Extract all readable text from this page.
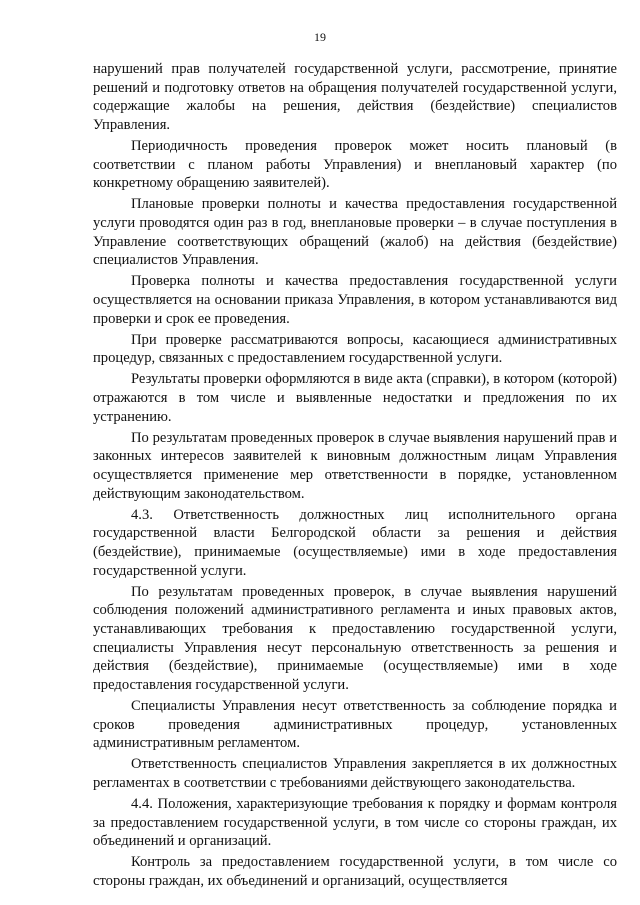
19

нарушений прав получателей государственной услуги, рассмотрение, принятие решений и подготовку ответов на обращения получателей государственной услуги, содержащие жалобы на решения, действия (бездействие) специалистов Управления.

Периодичность проведения проверок может носить плановый (в соответствии с планом работы Управления) и внеплановый характер (по конкретному обращению заявителей).

Плановые проверки полноты и качества предоставления государственной услуги проводятся один раз в год, внеплановые проверки – в случае поступления в Управление соответствующих обращений (жалоб) на действия (бездействие) специалистов Управления.

Проверка полноты и качества предоставления государственной услуги осуществляется на основании приказа Управления, в котором устанавливаются вид проверки и срок ее проведения.

При проверке рассматриваются вопросы, касающиеся административных процедур, связанных с предоставлением государственной услуги.

Результаты проверки оформляются в виде акта (справки), в котором (которой) отражаются в том числе и выявленные недостатки и предложения по их устранению.

По результатам проведенных проверок в случае выявления нарушений прав и законных интересов заявителей к виновным должностным лицам Управления осуществляется применение мер ответственности в порядке, установленном действующим законодательством.

4.3. Ответственность должностных лиц исполнительного органа государственной власти Белгородской области за решения и действия (бездействие), принимаемые (осуществляемые) ими в ходе предоставления государственной услуги.

По результатам проведенных проверок, в случае выявления нарушений соблюдения положений административного регламента и иных правовых актов, устанавливающих требования к предоставлению государственной услуги, специалисты Управления несут персональную ответственность за решения и действия (бездействие), принимаемые (осуществляемые) ими в ходе предоставления государственной услуги.

Специалисты Управления несут ответственность за соблюдение порядка и сроков проведения административных процедур, установленных административным регламентом.

Ответственность специалистов Управления закрепляется в их должностных регламентах в соответствии с требованиями действующего законодательства.

4.4. Положения, характеризующие требования к порядку и формам контроля за предоставлением государственной услуги, в том числе со стороны граждан, их объединений и организаций.

Контроль за предоставлением государственной услуги, в том числе со стороны граждан, их объединений и организаций, осуществляется
